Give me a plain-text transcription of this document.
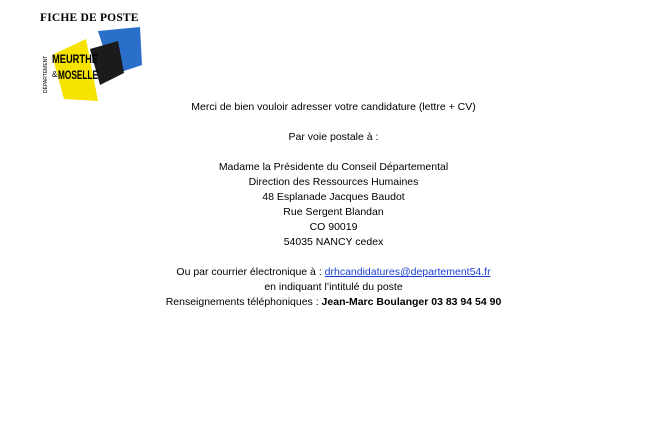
FICHE DE POSTE
DÉPARTEMENT MEURTHE
& MOSELLE

Merci de bien vouloir adresser votre candidature (lettre + CV)

Par voie postale à :

Madame la Présidente du Conseil Départemental

Direction des Ressources Humaines

48 Esplanade Jacques Baudot

Rue Sergent Blandan

CO 90019

54035 NANCY cedex

Ou par courrier électronique à : drhcandidatures@departement54.fr

en indiquant l’intitulé du poste

Renseignements téléphoniques : Jean-Marc Boulanger 03 83 94 54 90
